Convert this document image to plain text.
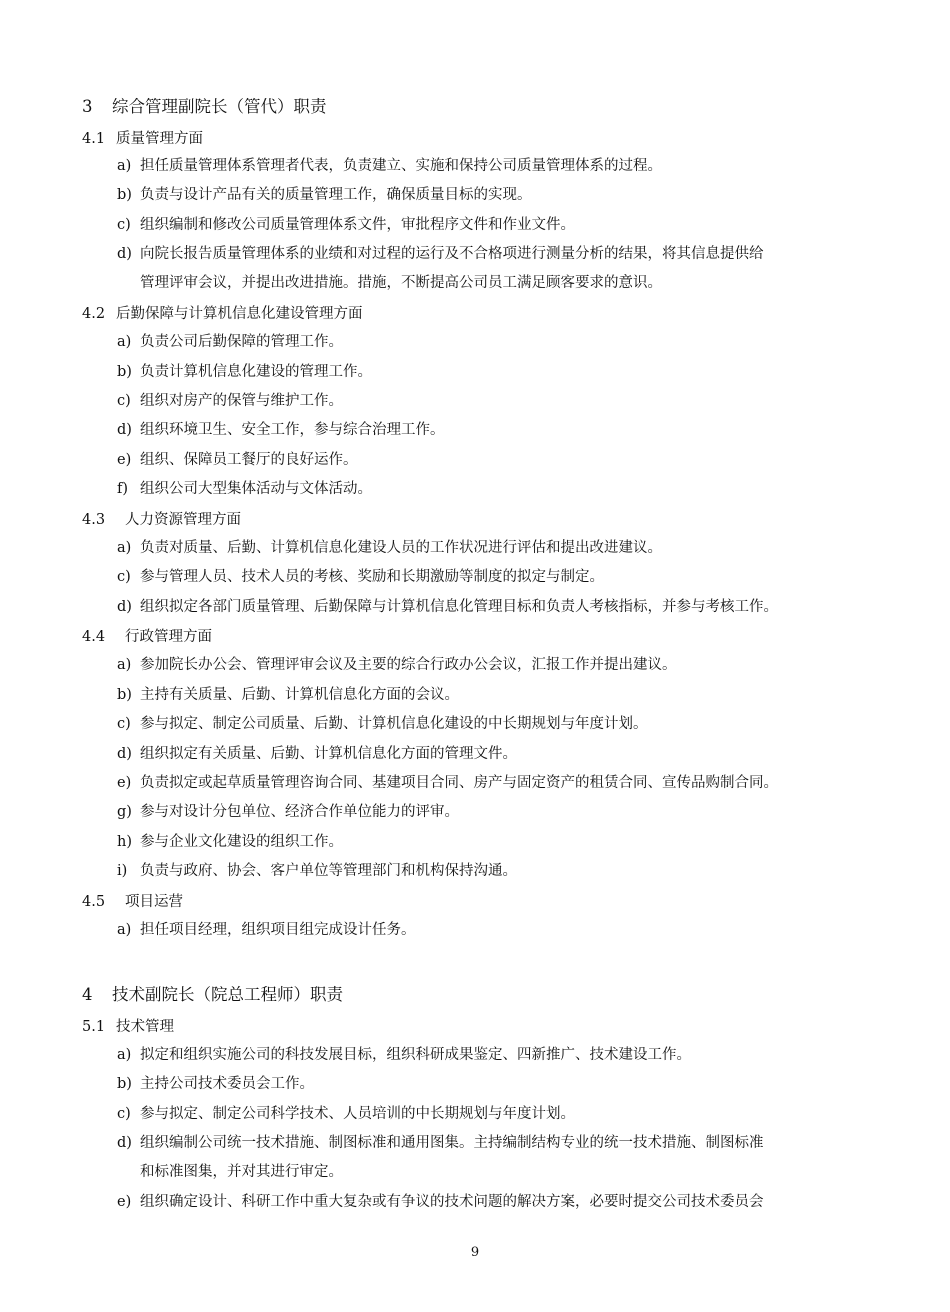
3 综合管理副院长（管代）职责
4.1 质量管理方面
a) 担任质量管理体系管理者代表，负责建立、实施和保持公司质量管理体系的过程。
b) 负责与设计产品有关的质量管理工作，确保质量目标的实现。
c) 组织编制和修改公司质量管理体系文件，审批程序文件和作业文件。
d) 向院长报告质量管理体系的业绩和对过程的运行及不合格项进行测量分析的结果，将其信息提供给
管理评审会议，并提出改进措施。措施，不断提高公司员工满足顾客要求的意识。
4.2 后勤保障与计算机信息化建设管理方面
a) 负责公司后勤保障的管理工作。
b) 负责计算机信息化建设的管理工作。
c) 组织对房产的保管与维护工作。
d) 组织环境卫生、安全工作，参与综合治理工作。
e) 组织、保障员工餐厅的良好运作。
f) 组织公司大型集体活动与文体活动。
4.3 人力资源管理方面
a) 负责对质量、后勤、计算机信息化建设人员的工作状况进行评估和提出改进建议。
c) 参与管理人员、技术人员的考核、奖励和长期激励等制度的拟定与制定。
d) 组织拟定各部门质量管理、后勤保障与计算机信息化管理目标和负责人考核指标，并参与考核工作。
4.4 行政管理方面
a) 参加院长办公会、管理评审会议及主要的综合行政办公会议，汇报工作并提出建议。
b) 主持有关质量、后勤、计算机信息化方面的会议。
c) 参与拟定、制定公司质量、后勤、计算机信息化建设的中长期规划与年度计划。
d) 组织拟定有关质量、后勤、计算机信息化方面的管理文件。
e) 负责拟定或起草质量管理咨询合同、基建项目合同、房产与固定资产的租赁合同、宣传品购制合同。
g) 参与对设计分包单位、经济合作单位能力的评审。
h) 参与企业文化建设的组织工作。
i) 负责与政府、协会、客户单位等管理部门和机构保持沟通。
4.5 项目运营
a) 担任项目经理，组织项目组完成设计任务。
4 技术副院长（院总工程师）职责
5.1 技术管理
a) 拟定和组织实施公司的科技发展目标，组织科研成果鉴定、四新推广、技术建设工作。
b) 主持公司技术委员会工作。
c) 参与拟定、制定公司科学技术、人员培训的中长期规划与年度计划。
d) 组织编制公司统一技术措施、制图标准和通用图集。主持编制结构专业的统一技术措施、制图标准
和标准图集，并对其进行审定。
e) 组织确定设计、科研工作中重大复杂或有争议的技术问题的解决方案，必要时提交公司技术委员会
9
